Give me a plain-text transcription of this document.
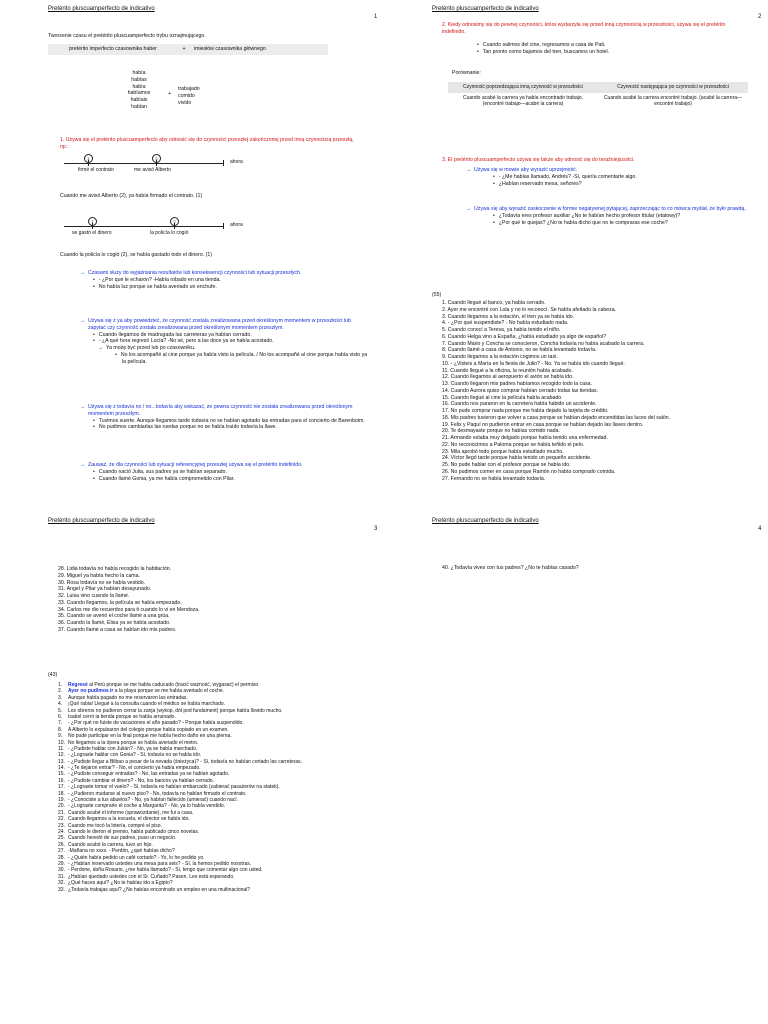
Pretérito pluscuamperfecto de indicativo
1
Tworzenie czasu el pretérito pluscuamperfecto trybu oznajmującego.
pretérito imperfecto czasownika haber	+	imiesłów czasownika głównego
había
habías
había
habíamos
habíais
habían
+
trabajado
comido
vivido
1. Używa się el pretérito pluscuamperfecto aby odnosić się do czynności przeszłej zakończonej przed inną czynnością przeszłą, np.:
1	2
firmé el contrato	me avisó Alberto
ahora
Cuando me avisó Alberto (2), ya había firmado el contrato. (1)
1	2
se gastó el dinero	la policía lo cogió
ahora
Cuando la policía lo cogió (2), se había gastado todo el dinero. (1)
→ Czasami służy do wyjaśniania rezultatów lub konsekwencji czynności lub sytuacji przeszłych.
• - ¿Por qué le echaron? -Había robado en una tienda.
• No había luz porque se había averiado un enchufe.
→ Używa się z ya aby powiedzieć, że czynność zostala zrealizowana przed określonym momentem w przeszłości lub zapytać czy czynność została zrealizowana przed określonym momentem przeszłym.
• Cuando llegamos de madrugada las carreteras ya habían cerrado.
• - ¿A qué hora regresó Lucía? -No sé, pero a las doce ya se había acostado.
→ Ya możę być przed lub po czasowniku.
• No los acompañé al cine porque ya había visto la película. / No los acompañé al cine porque había visto ya la película.
→ Używa się z todavía no / no...todavía aby wskazać, że pewna czynność nie została zrealizowana przed określonym momentem przeszłym.
• Tuvimos suerte. Aunque llegamos tarde todavía no se habían agotado las entradas para el concierto de Barenboim.
• No pudimos cambiarlas las ruedas porque no se había traído todavía la llave.
→ Zauważ, że dla czynności lub sytuacji referencyjnej przeszłej używa się el pretérito indefinido.
• Cuando nació Julia, sus padres ya se habían separado.
• Cuando llamé Gonia, ya me había comprometido con Pilar.
Pretérito pluscuamperfecto de indicativo
2
2. Kiedy odnosimy się do pewnej czynności, która wydarzyła się przed inną czynnością w przeszłości, używa się el pretérito indefinido.
• Cuando salimos del cine, regresamos a casa de Pati.
• Tan pronto como bajamos del tren, buscamos un hotel.
Porównanie:
Czynność poprzedzająca inną czynność w przeszłości	Czynność następująca po czynności w przeszłości
Cuando acabé la carrera ya había encontrado trabajo. (encontré trabajo—acabé la carrera)	Cuando acabé la carrera encontré trabajo. (acabé la carrera—encontré trabajo)
3. El pretérito pluscuamperfecto używa się także aby odnosić się do teraźniejszości.
→ Używa się w mowie aby wyrazić uprzejmość.
• - ¿Me habías llamado, Andrés? -Sí, quería comentarte algo.
• ¿Habían reservado mesa, señores?
→ Używa się aby wyrazić zaskoczenie w formie negatywnej pytającej, zaprzeczając to co mówca myślał, że było prawdą.
• ¿Todavía eres profesor auxiliar ¿No te habían hecho profesor titular (etatowy)?
• ¿Por qué te quejas? ¿No te había dicho que no te compraras ese coche?
(55)
1. Cuando llegué al banco, ya había cerrado.
2. Ayer me encontré con Lola y no lo reconocí. Se había afeitado la cabeza.
3. Cuando llegamos a la estación, el tren ya se había ido.
4. - ¿Por qué suspendiste? - No había estudiado nada.
5. Cuando conocí a Teresa, ya había tenido el niño.
6. Cuando Helga vino a España, ¿había estudiado ya algo de español?
7. Cuando Mario y Concha se conocieron, Concha todavía no había acabado la carrera.
8. Cuando llamé a casa de Antonio, no se había levantado todavía.
9. Cuando llegamos a la estación cogimos un taxi.
10. - ¿Visteis a María en la fiesta de Julio? - No. Ya se había ido cuando llegué.
11. Cuando llegué a la oficina, la reunión había acabado.
12. Cuando llegamos al aeropuerto el avión se había ido.
13. Cuando llegaron mis padres habíamos recogido todo la casa.
14. Cuando Aurora quiso comprar habían cerrado todas las tiendas.
15. Cuando llegué al cine la película había acabado.
16. Cuando nos pararon en la carretera había habido un accidente.
17. No pude comprar nada porque me había dejado la tarjeta de crédito.
18. Mis padres tuvieron que volver a casa porque se habían dejado encendidas las luces del salón.
19. Felix y Paquí no pudieron entrar en casa porque se habían dejado las llaves dentro.
20. Te desmayaste porque no habías comido nada.
21. Armando estaba muy delgado porque había tenido una enfermedad.
22. No reconocimos a Paloma porque se había teñido el pelo.
23. Mila aprobó todo porque había estudiado mucho.
24. Víctor llegó tarde porque había tenido un pequeño accidente.
25. No pude hablar con el profesor porque se había ido.
26. No pudimos comer en casa porque Ramón no había comprado comida.
27. Fernando no se había levantado todavía.
Pretérito pluscuamperfecto de indicativo
3
28. Lidia todavía no había recogido la habitación.
29. Miguel ya había hecho la cama.
30. Rosa todavía no se había vestido.
31. Ángel y Pilar ya habían desayunado.
32. Luisa vino cuando la llamé.
33. Cuando llegamos, la película se había empezado.
34. Carlos me dio recuerdos para ti cuando lo vi en Mendoza.
35. Cuando se averió el coche llamé a una grúa.
36. Cuando la llamé, Elisa ya se había acostado.
37. Cuando llamé a casa se habían ido mis padres.
(43)
1. Regresé al Perú porque se me había caducado (tracić ważność, wygasać) el permiso.
2. Ayer no pudimos ir a la playa porque se me había averiado el coche.
3. Aunque había pagado no me reservaron las entradas.
4. ¡Qué rabia! Llegué a la consulta cuando el médico se había marchado.
5. Los obreros no pudieron cerrar la zanja (wykop, dół pod fundament) porque había llovido mucho.
6. Isabel cerró la tienda porque se había arruinado.
7. - ¿Por qué no fuiste de vacaciones el año pasado? - Porque había suspendido.
8. A Alberto lo expulsaron del colegio porque había copiado en un examen.
9. No pude participar en la final porque me había hecho daño en una pierna.
10. No llegamos a la ópera porque se había averiado el metro.
11. - ¿Pudiste hablar con Julián? - No, ya se había marchado.
12. - ¿Lograste hablar con Gonia? - Sí, todavía no se había ido.
13. - ¿Pudiste llegar a Bilbao a pesar de la nevada (śnieżyca)? - Sí, todavía no habían cortado las carreteras.
14. - ¿Te dejaron entrar? - No, el concierto ya había empezado.
15. - ¿Pudiste conseguir entradas? - No, las entradas ya se habían agotado.
16. - ¿Pudiste cambiar el dinero? - No, los bancos ya habían cerrado.
17. - ¿Lograste tomar el vuelo? - Sí, todavía no habían embarcado (zabierać pasażerów na statek).
18. - ¿Pudieron mudarse al nuevo piso? - No, todavía no habían firmado el contrato.
19. - ¿Conociste a tus abuelos? - No, ya habían fallecido (umierać) cuando nací.
20. - ¿Lograste comprarle el coche a Margarita? - No, ya lo había vendido.
21. Cuando acabé el informe (sprawozdanie), me fui a casa.
22. Cuando llegamos a la escuela, el director se había ido.
23. Cuando me tocó la lotería, compré el piso.
24. Cuando le dieron el premio, había publicado cinco novelas.
25. Cuando heredó de sus padres, puso un negocio.
26. Cuando acabó la carrera, tuvo un hijo.
27. -Mañana no xxxx. - Perdón, ¿qué habías dicho?
28. - ¿Quién había pedido un café cortado? - Yo, lo he pedido yo.
29. - ¿Habían reservado ustedes una mesa para seis? - Sí, la hemos pedido nosotras.
30. - Perdone, doña Rosario, ¿me había llamado? - Sí, tengo que comentar algo con usted.
31. ¿Habían quedado ustedes con el Sr. Cuñado? Pasen. Les está esperando.
32. ¿Qué haces aquí? ¿No te habías ido a Egipto?
33. ¿Todavía trabajas aquí? ¿No habías encontrado un empleo en una multinacional?
Pretérito pluscuamperfecto de indicativo
4
40. ¿Todavía vives con tus padres? ¿No te habías casado?
